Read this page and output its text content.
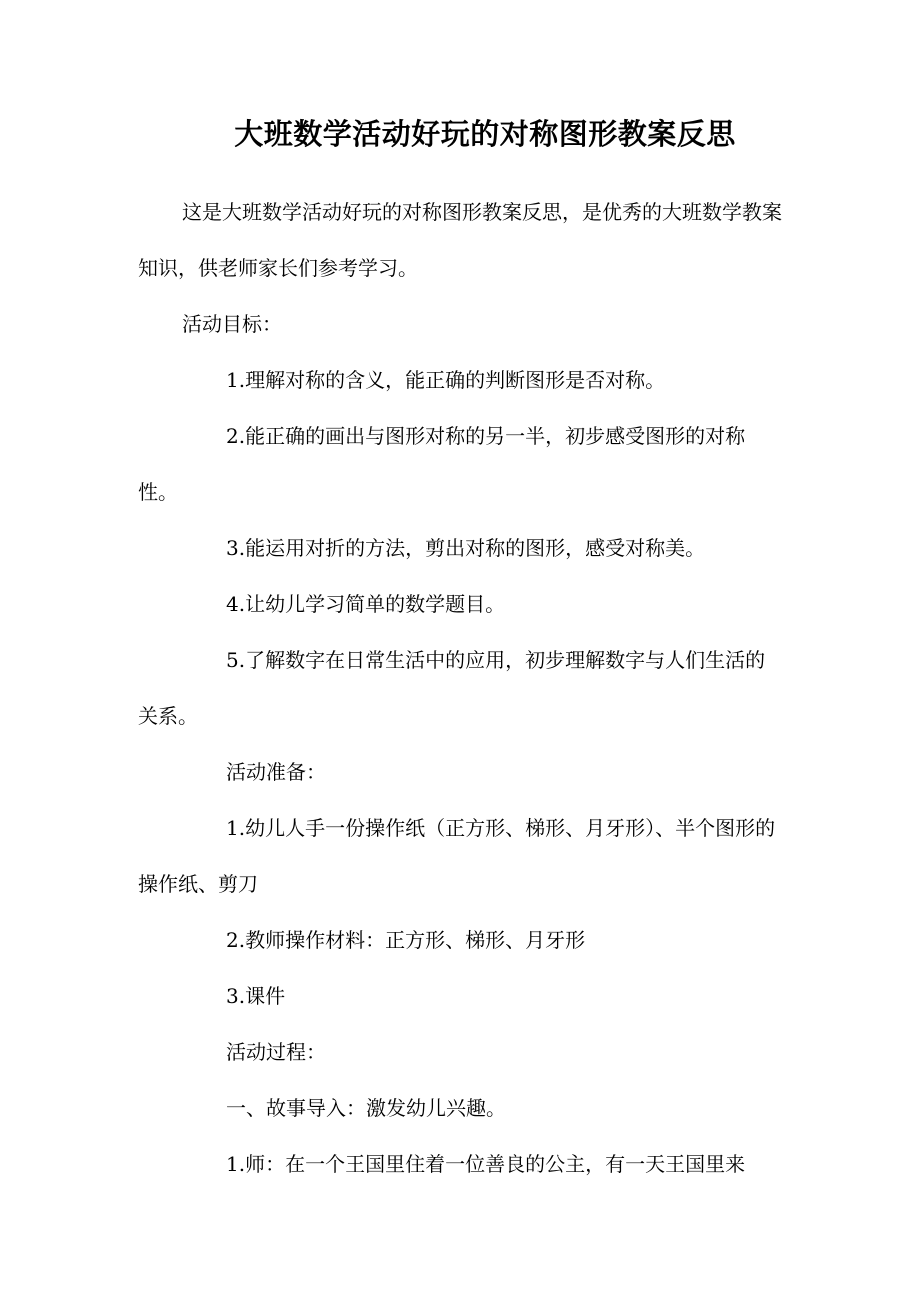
大班数学活动好玩的对称图形教案反思

这是大班数学活动好玩的对称图形教案反思，是优秀的大班数学教案知识，供老师家长们参考学习。

活动目标：

1.理解对称的含义，能正确的判断图形是否对称。

2.能正确的画出与图形对称的另一半，初步感受图形的对称性。

3.能运用对折的方法，剪出对称的图形，感受对称美。

4.让幼儿学习简单的数学题目。

5.了解数字在日常生活中的应用，初步理解数字与人们生活的关系。

活动准备：

1.幼儿人手一份操作纸（正方形、梯形、月牙形）、半个图形的操作纸、剪刀

2.教师操作材料：正方形、梯形、月牙形

3.课件

活动过程：

一、故事导入：激发幼儿兴趣。

1.师：在一个王国里住着一位善良的公主，有一天王国里来
